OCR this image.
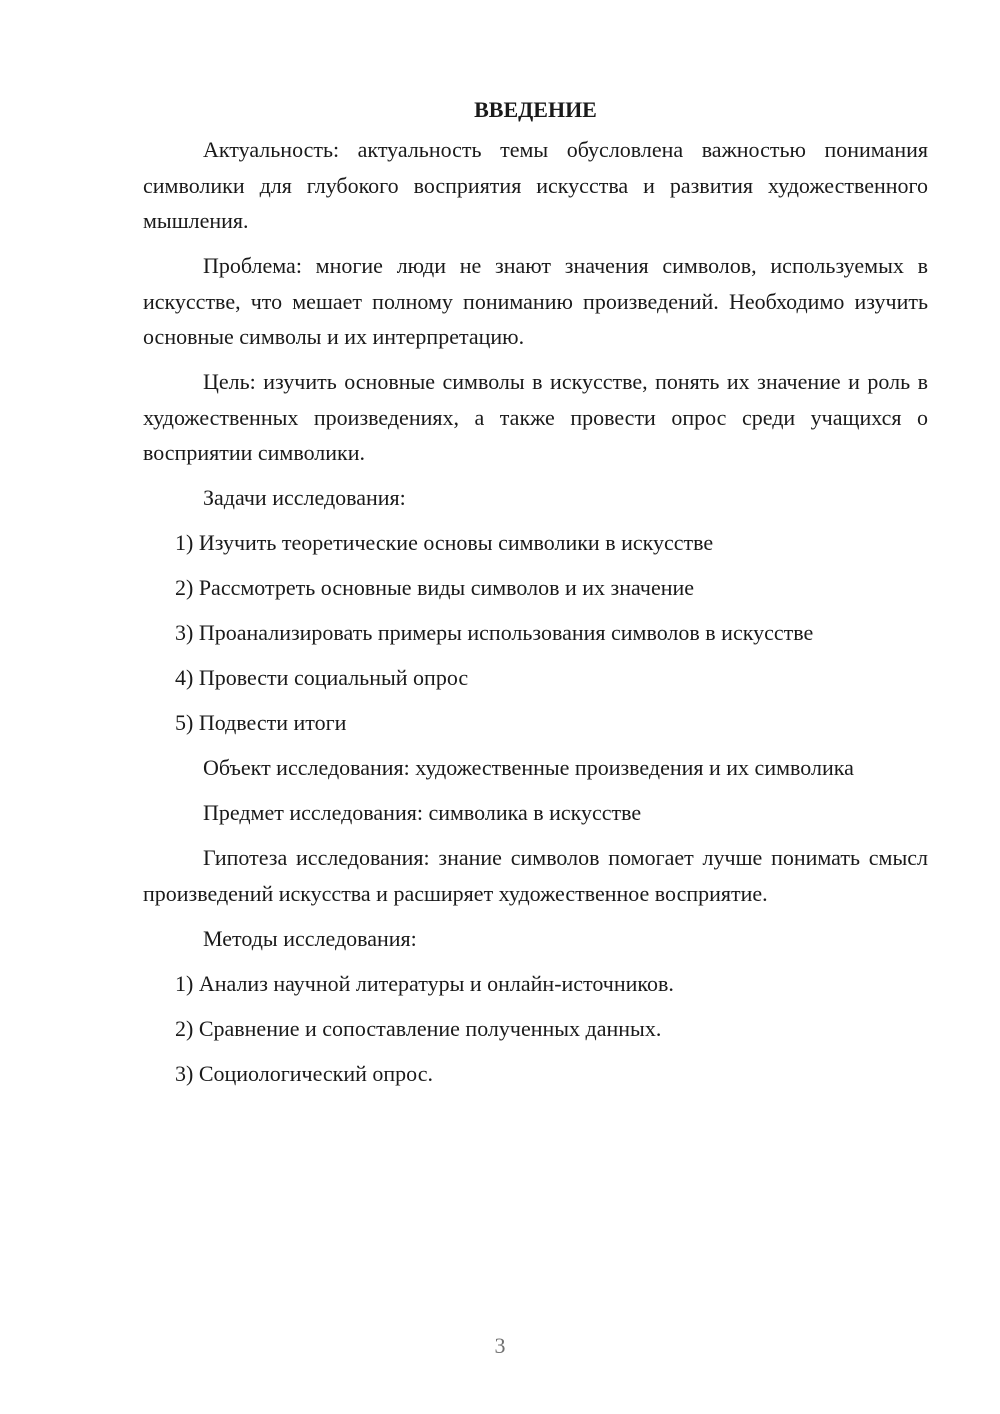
ВВЕДЕНИЕ

Актуальность: актуальность темы обусловлена важностью понимания символики для глубокого восприятия искусства и развития художественного мышления.

Проблема: многие люди не знают значения символов, используемых в искусстве, что мешает полному пониманию произведений. Необходимо изучить основные символы и их интерпретацию.

Цель: изучить основные символы в искусстве, понять их значение и роль в художественных произведениях, а также провести опрос среди учащихся о восприятии символики.

Задачи исследования:

1) Изучить теоретические основы символики в искусстве

2) Рассмотреть основные виды символов и их значение

3) Проанализировать примеры использования символов в искусстве

4) Провести социальный опрос

5) Подвести итоги

Объект исследования: художественные произведения и их символика

Предмет исследования: символика в искусстве

Гипотеза исследования: знание символов помогает лучше понимать смысл произведений искусства и расширяет художественное восприятие.

Методы исследования:

1) Анализ научной литературы и онлайн-источников.

2) Сравнение и сопоставление полученных данных.

3) Социологический опрос.

3
